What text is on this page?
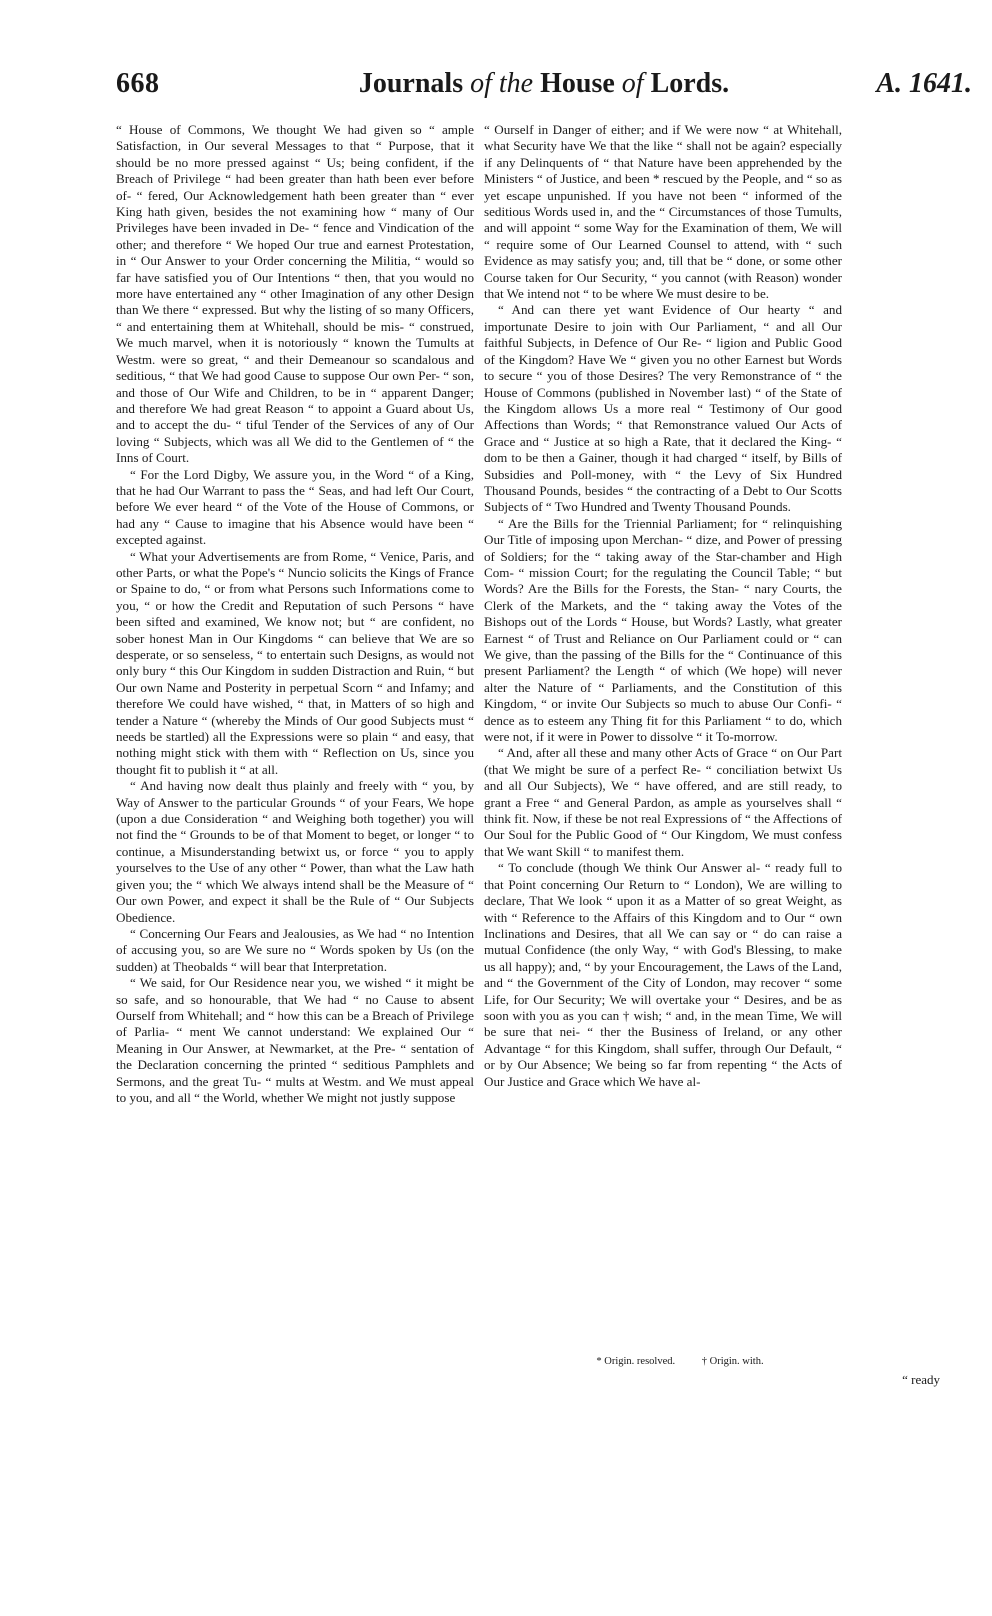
668	Journals of the House of Lords.	A. 1641.

“ House of Commons, We thought We had given so “ ample Satisfaction, in Our several Messages to that “ Purpose, that it should be no more pressed against “ Us; being confident, if the Breach of Privilege “ had been greater than hath been ever before of- “ fered, Our Acknowledgement hath been greater than “ ever King hath given, besides the not examining how “ many of Our Privileges have been invaded in De- “ fence and Vindication of the other; and therefore “ We hoped Our true and earnest Protestation, in “ Our Answer to your Order concerning the Militia, “ would so far have satisfied you of Our Intentions “ then, that you would no more have entertained any “ other Imagination of any other Design than We there “ expressed. But why the listing of so many Officers, “ and entertaining them at Whitehall, should be mis- “ construed, We much marvel, when it is notoriously “ known the Tumults at Westm. were so great, “ and their Demeanour so scandalous and seditious, “ that We had good Cause to suppose Our own Per- “ son, and those of Our Wife and Children, to be in “ apparent Danger; and therefore We had great Reason “ to appoint a Guard about Us, and to accept the du- “ tiful Tender of the Services of any of Our loving “ Subjects, which was all We did to the Gentlemen of “ the Inns of Court.

“ For the Lord Digby, We assure you, in the Word “ of a King, that he had Our Warrant to pass the “ Seas, and had left Our Court, before We ever heard “ of the Vote of the House of Commons, or had any “ Cause to imagine that his Absence would have been “ excepted against.

“ What your Advertisements are from Rome, “ Venice, Paris, and other Parts, or what the Pope's “ Nuncio solicits the Kings of France or Spaine to do, “ or from what Persons such Informations come to you, “ or how the Credit and Reputation of such Persons “ have been sifted and examined, We know not; but “ are confident, no sober honest Man in Our Kingdoms “ can believe that We are so desperate, or so senseless, “ to entertain such Designs, as would not only bury “ this Our Kingdom in sudden Distraction and Ruin, “ but Our own Name and Posterity in perpetual Scorn “ and Infamy; and therefore We could have wished, “ that, in Matters of so high and tender a Nature “ (whereby the Minds of Our good Subjects must “ needs be startled) all the Expressions were so plain “ and easy, that nothing might stick with them with “ Reflection on Us, since you thought fit to publish it “ at all.

“ And having now dealt thus plainly and freely with “ you, by Way of Answer to the particular Grounds “ of your Fears, We hope (upon a due Consideration “ and Weighing both together) you will not find the “ Grounds to be of that Moment to beget, or longer “ to continue, a Misunderstanding betwixt us, or force “ you to apply yourselves to the Use of any other “ Power, than what the Law hath given you; the “ which We always intend shall be the Measure of “ Our own Power, and expect it shall be the Rule of “ Our Subjects Obedience.

“ Concerning Our Fears and Jealousies, as We had “ no Intention of accusing you, so are We sure no “ Words spoken by Us (on the sudden) at Theobalds “ will bear that Interpretation.

“ We said, for Our Residence near you, we wished “ it might be so safe, and so honourable, that We had “ no Cause to absent Ourself from Whitehall; and “ how this can be a Breach of Privilege of Parlia- “ ment We cannot understand: We explained Our “ Meaning in Our Answer, at Newmarket, at the Pre- “ sentation of the Declaration concerning the printed “ seditious Pamphlets and Sermons, and the great Tu- “ mults at Westm. and We must appeal to you, and all “ the World, whether We might not justly suppose

“ Ourself in Danger of either; and if We were now “ at Whitehall, what Security have We that the like “ shall not be again? especially if any Delinquents of “ that Nature have been apprehended by the Ministers “ of Justice, and been * rescued by the People, and “ so as yet escape unpunished. If you have not been “ informed of the seditious Words used in, and the “ Circumstances of those Tumults, and will appoint “ some Way for the Examination of them, We will “ require some of Our Learned Counsel to attend, with “ such Evidence as may satisfy you; and, till that be “ done, or some other Course taken for Our Security, “ you cannot (with Reason) wonder that We intend not “ to be where We must desire to be.

“ And can there yet want Evidence of Our hearty “ and importunate Desire to join with Our Parliament, “ and all Our faithful Subjects, in Defence of Our Re- “ ligion and Public Good of the Kingdom? Have We “ given you no other Earnest but Words to secure “ you of those Desires? The very Remonstrance of “ the House of Commons (published in November last) “ of the State of the Kingdom allows Us a more real “ Testimony of Our good Affections than Words; “ that Remonstrance valued Our Acts of Grace and “ Justice at so high a Rate, that it declared the King- “ dom to be then a Gainer, though it had charged “ itself, by Bills of Subsidies and Poll-money, with “ the Levy of Six Hundred Thousand Pounds, besides “ the contracting of a Debt to Our Scotts Subjects of “ Two Hundred and Twenty Thousand Pounds.

“ Are the Bills for the Triennial Parliament; for “ relinquishing Our Title of imposing upon Merchan- “ dize, and Power of pressing of Soldiers; for the “ taking away of the Star-chamber and High Com- “ mission Court; for the regulating the Council Table; “ but Words? Are the Bills for the Forests, the Stan- “ nary Courts, the Clerk of the Markets, and the “ taking away the Votes of the Bishops out of the Lords “ House, but Words? Lastly, what greater Earnest “ of Trust and Reliance on Our Parliament could or “ can We give, than the passing of the Bills for the “ Continuance of this present Parliament? the Length “ of which (We hope) will never alter the Nature of “ Parliaments, and the Constitution of this Kingdom, “ or invite Our Subjects so much to abuse Our Confi- “ dence as to esteem any Thing fit for this Parliament “ to do, which were not, if it were in Power to dissolve “ it To-morrow.

“ And, after all these and many other Acts of Grace “ on Our Part (that We might be sure of a perfect Re- “ conciliation betwixt Us and all Our Subjects), We “ have offered, and are still ready, to grant a Free “ and General Pardon, as ample as yourselves shall “ think fit. Now, if these be not real Expressions of “ the Affections of Our Soul for the Public Good of “ Our Kingdom, We must confess that We want Skill “ to manifest them.

“ To conclude (though We think Our Answer al- “ ready full to that Point concerning Our Return to “ London), We are willing to declare, That We look “ upon it as a Matter of so great Weight, as with “ Reference to the Affairs of this Kingdom and to Our “ own Inclinations and Desires, that all We can say or “ do can raise a mutual Confidence (the only Way, “ with God's Blessing, to make us all happy); and, “ by your Encouragement, the Laws of the Land, and “ the Government of the City of London, may recover “ some Life, for Our Security; We will overtake your “ Desires, and be as soon with you as you can † wish; “ and, in the mean Time, We will be sure that nei- “ ther the Business of Ireland, or any other Advantage “ for this Kingdom, shall suffer, through Our Default, “ or by Our Absence; We being so far from repenting “ the Acts of Our Justice and Grace which We have al-

* Origin. resolved.	† Origin. with.
“ ready
